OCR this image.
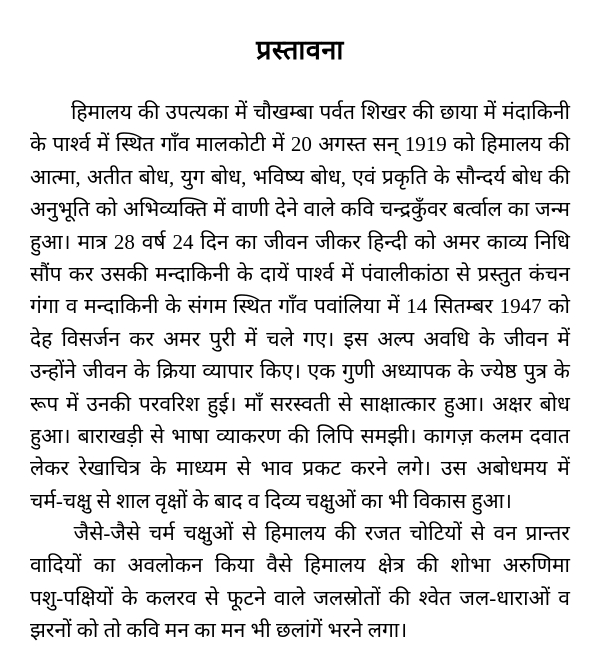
प्रस्तावना
हिमालय की उपत्यका में चौखम्बा पर्वत शिखर की छाया में मंदाकिनी
के पार्श्व में स्थित गाँव मालकोटी में 20 अगस्त सन् 1919 को हिमालय की
आत्मा, अतीत बोध, युग बोध, भविष्य बोध, एवं प्रकृति के सौन्दर्य बोध की
अनुभूति को अभिव्यक्ति में वाणी देने वाले कवि चन्द्रकुँवर बर्त्वाल का जन्म
हुआ। मात्र 28 वर्ष 24 दिन का जीवन जीकर हिन्दी को अमर काव्य निधि
सौंप कर उसकी मन्दाकिनी के दायें पार्श्व में पंवालीकांठा से प्रस्तुत कंचन
गंगा व मन्दाकिनी के संगम स्थित गाँव पवांलिया में 14 सितम्बर 1947 को
देह विसर्जन कर अमर पुरी में चले गए। इस अल्प अवधि के जीवन में
उन्होंने जीवन के क्रिया व्यापार किए। एक गुणी अध्यापक के ज्येष्ठ पुत्र के
रूप में उनकी परवरिश हुई। माँ सरस्वती से साक्षात्कार हुआ। अक्षर बोध
हुआ। बाराखड़ी से भाषा व्याकरण की लिपि समझी। कागज़ कलम दवात
लेकर रेखाचित्र के माध्यम से भाव प्रकट करने लगे। उस अबोधमय में
चर्म-चक्षु से शाल वृक्षों के बाद व दिव्य चक्षुओं का भी विकास हुआ।
जैसे-जैसे चर्म चक्षुओं से हिमालय की रजत चोटियों से वन प्रान्तर
वादियों का अवलोकन किया वैसे हिमालय क्षेत्र की शोभा अरुणिमा
पशु-पक्षियों के कलरव से फूटने वाले जलस्रोतों की श्वेत जल-धाराओं व
झरनों को तो कवि मन का मन भी छलांगें भरने लगा।
